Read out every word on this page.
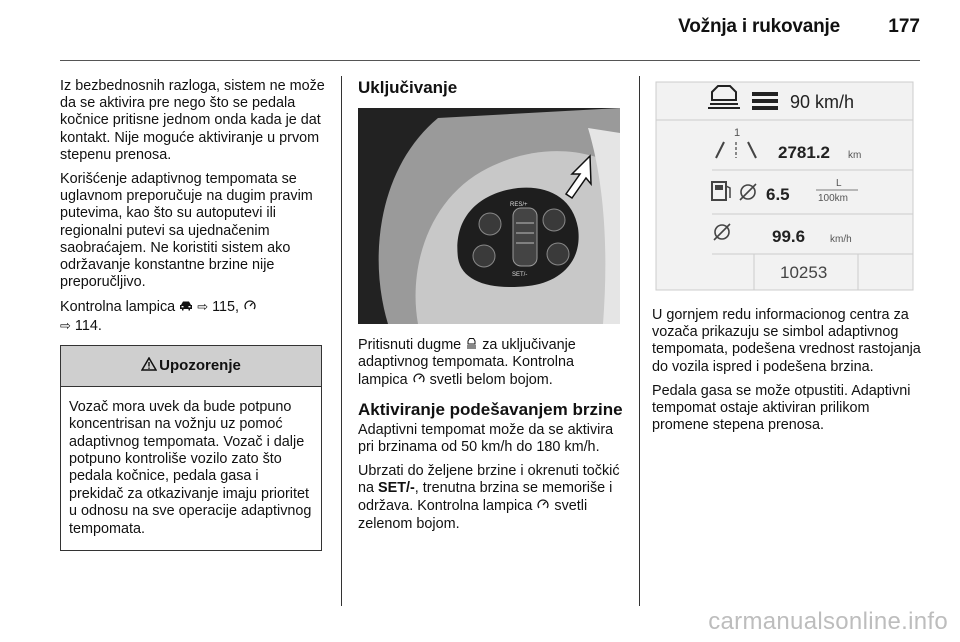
Vožnja i rukovanje	177

Iz bezbednosnih razloga, sistem ne može da se aktivira pre nego što se pedala kočnice pritisne jednom onda kada je dat kontakt. Nije moguće aktiviranje u prvom stepenu prenosa.

Korišćenje adaptivnog tempomata se uglavnom preporučuje na dugim pravim putevima, kao što su autoputevi ili regionalni putevi sa ujednačenim saobraćajem. Ne koristiti sistem ako održavanje konstantne brzine nije preporučljivo.

Kontrolna lampica ⇨ 115,
⇨ 114.

Upozorenje
Vozač mora uvek da bude potpuno koncentrisan na vožnju uz pomoć adaptivnog tempomata. Vozač i dalje potpuno kontroliše vozilo zato što pedala kočnice, pedala gasa i prekidač za otkazivanje imaju prioritet u odnosu na sve operacije adaptivnog tempomata.
Uključivanje
RES/+
SET/-

Pritisnuti dugme za uključivanje adaptivnog tempomata. Kontrolna lampica svetli belom bojom.

Aktiviranje podešavanjem brzine

Adaptivni tempomat može da se aktivira pri brzinama od 50 km/h do 180 km/h.

Ubrzati do željene brzine i okrenuti točkić na SET/-, trenutna brzina se memoriše i održava. Kontrolna lampica svetli zelenom bojom.

90 km/h
1
2781.2 km
6.5
L
100km
99.6 km/h
10253

U gornjem redu informacionog centra za vozača prikazuju se simbol adaptivnog tempomata, podešena vrednost rastojanja do vozila ispred i podešena brzina.

Pedala gasa se može otpustiti. Adaptivni tempomat ostaje aktiviran prilikom promene stepena prenosa.

carmanualsonline.info
